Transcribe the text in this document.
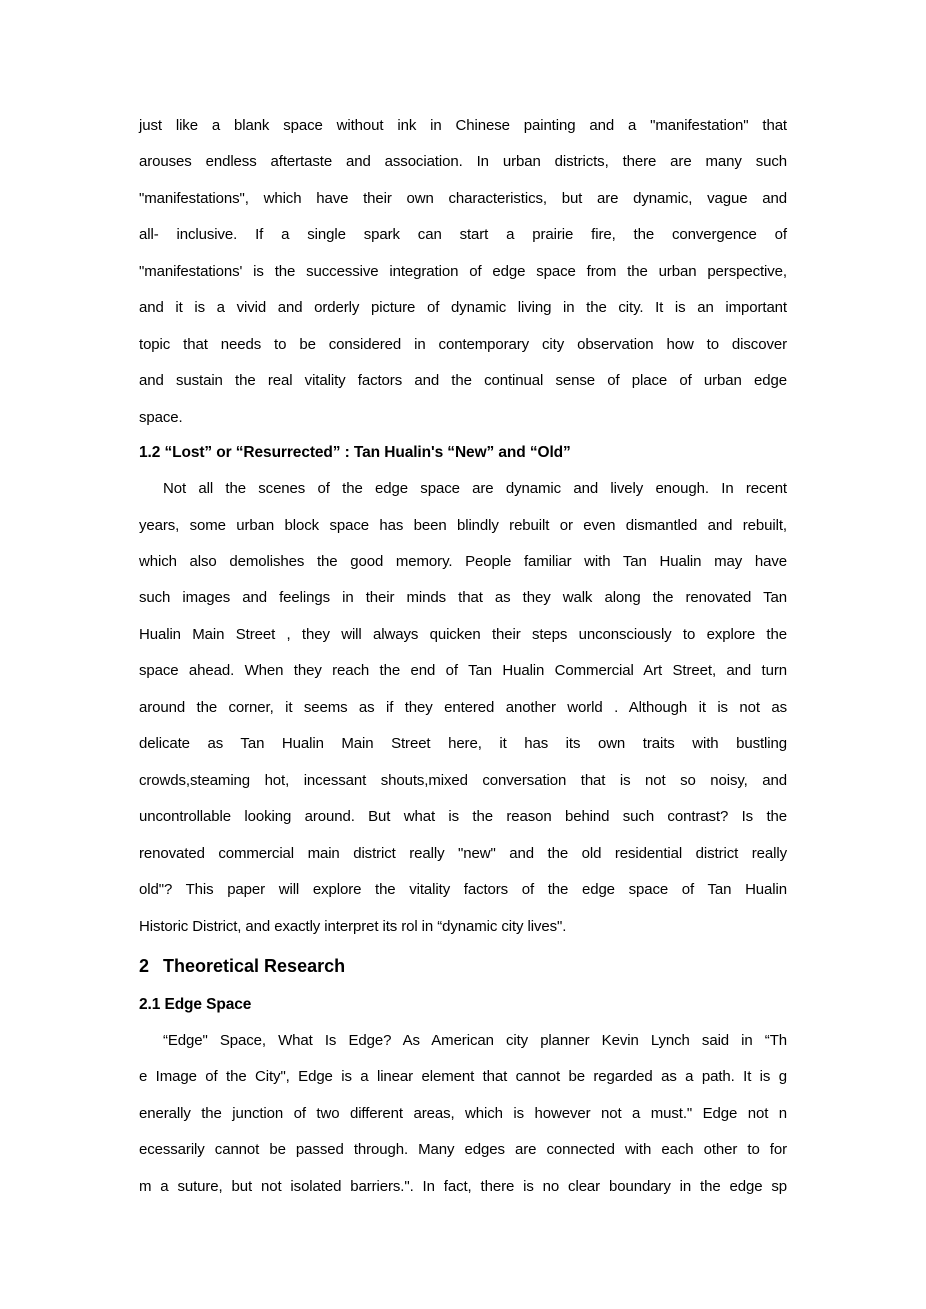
just like a blank space without ink in Chinese painting and a "manifestation" that
arouses endless aftertaste and association. In urban districts, there are many such
"manifestations", which have their own characteristics, but are dynamic, vague and
all- inclusive. If a single spark can start a prairie fire, the convergence of
"manifestations' is the successive integration of edge space from the urban perspective,
and it is a vivid and orderly picture of dynamic living in the city. It is an important
topic that needs to be considered in contemporary city observation how to discover
and sustain the real vitality factors and the continual sense of place of urban edge
space.
1.2 “Lost” or “Resurrected” : Tan Hualin's “New” and “Old”
Not all the scenes of the edge space are dynamic and lively enough. In recent
years, some urban block space has been blindly rebuilt or even dismantled and rebuilt,
which also demolishes the good memory. People familiar with Tan Hualin may have
such images and feelings in their minds that as they walk along the renovated Tan
Hualin Main Street , they will always quicken their steps unconsciously to explore the
space ahead. When they reach the end of Tan Hualin Commercial Art Street, and turn
around the corner, it seems as if they entered another world . Although it is not as
delicate as Tan Hualin Main Street here, it has its own traits with bustling
crowds,steaming hot, incessant shouts,mixed conversation that is not so noisy, and
uncontrollable looking around. But what is the reason behind such contrast? Is the
renovated commercial main district really "new" and the old residential district really
old"? This paper will explore the vitality factors of the edge space of Tan Hualin
Historic District, and exactly interpret its rol in “dynamic city lives".
2 Theoretical Research
2.1 Edge Space
“Edge" Space, What Is Edge? As American city planner Kevin Lynch said in “Th
e Image of the City", Edge is a linear element that cannot be regarded as a path. It is g
enerally the junction of two different areas, which is however not a must." Edge not n
ecessarily cannot be passed through. Many edges are connected with each other to for
m a suture, but not isolated barriers.". In fact, there is no clear boundary in the edge sp
